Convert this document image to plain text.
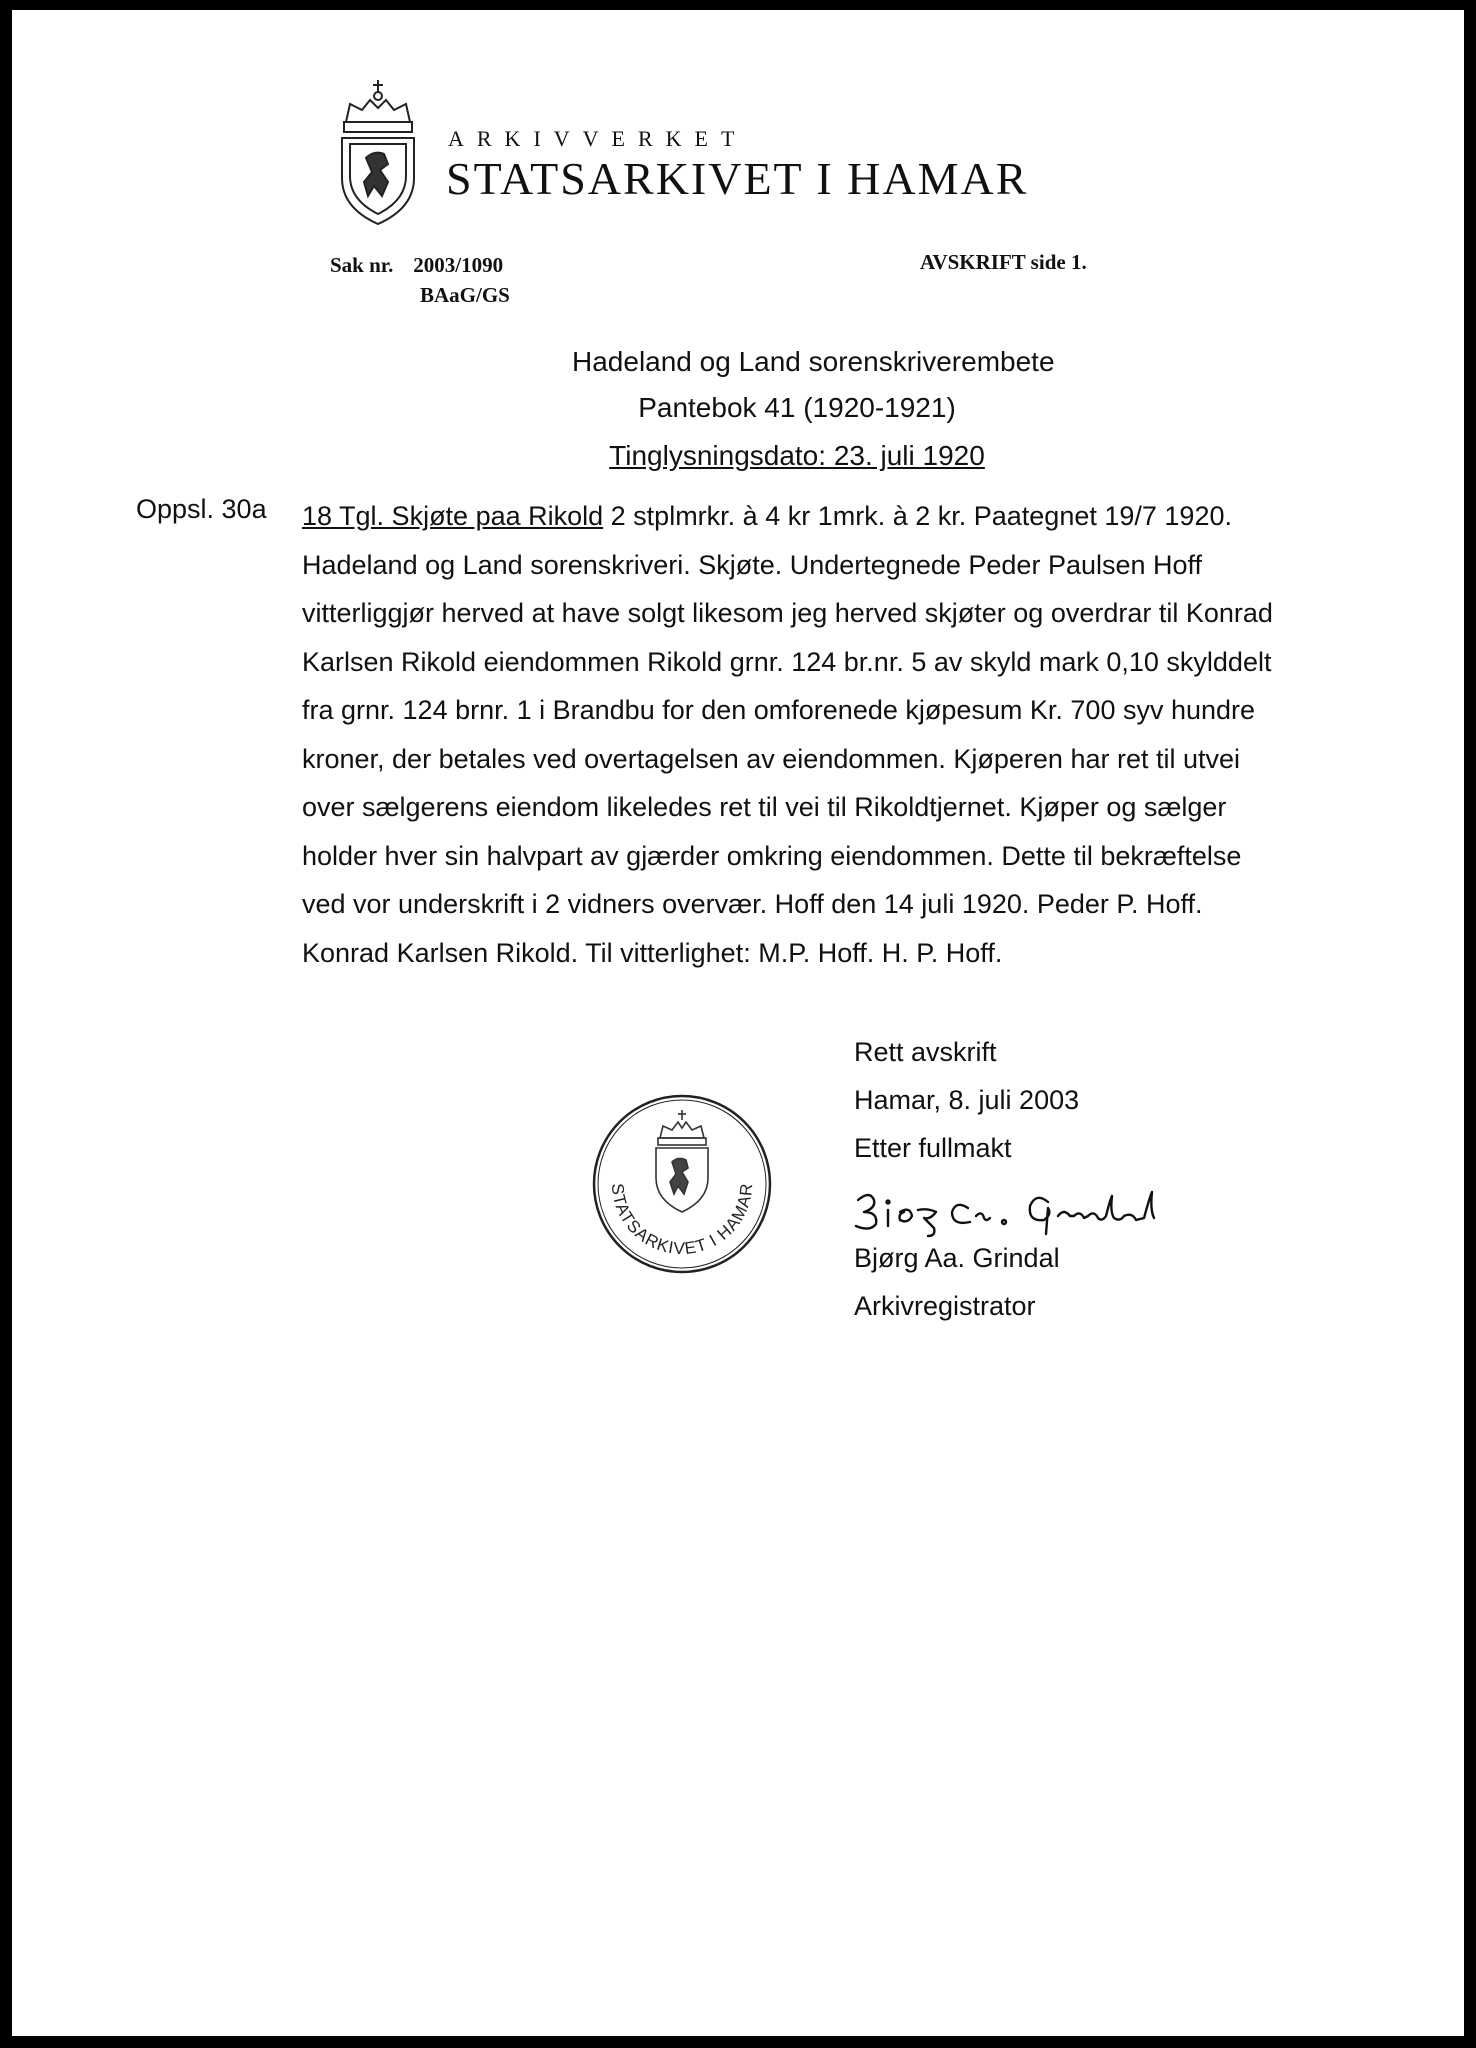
ARKIVVERKET
STATSARKIVET I HAMAR
Sak nr. 2003/1090
BAaG/GS
AVSKRIFT side 1.
Hadeland og Land sorenskriverembete
Pantebok 41 (1920-1921)
Tinglysningsdato: 23. juli 1920
Oppsl. 30a 18 Tgl. Skjøte paa Rikold 2 stplmrkr. à 4 kr 1mrk. à 2 kr. Paategnet 19/7 1920.
Hadeland og Land sorenskriveri. Skjøte. Undertegnede Peder Paulsen Hoff
vitterliggjør herved at have solgt likesom jeg herved skjøter og overdrar til Konrad
Karlsen Rikold eiendommen Rikold grnr. 124 br.nr. 5 av skyld mark 0,10 skylddelt
fra grnr. 124 brnr. 1 i Brandbu for den omforenede kjøpesum Kr. 700 syv hundre
kroner, der betales ved overtagelsen av eiendommen. Kjøperen har ret til utvei
over sælgerens eiendom likeledes ret til vei til Rikoldtjernet. Kjøper og sælger
holder hver sin halvpart av gjærder omkring eiendommen. Dette til bekræftelse
ved vor underskrift i 2 vidners overvær. Hoff den 14 juli 1920. Peder P. Hoff.
Konrad Karlsen Rikold. Til vitterlighet: M.P. Hoff. H. P. Hoff.
STATSARKIVET I HAMAR
Rett avskrift
Hamar, 8. juli 2003
Etter fullmakt
Bjørg Aa. Grindal
Arkivregistrator
